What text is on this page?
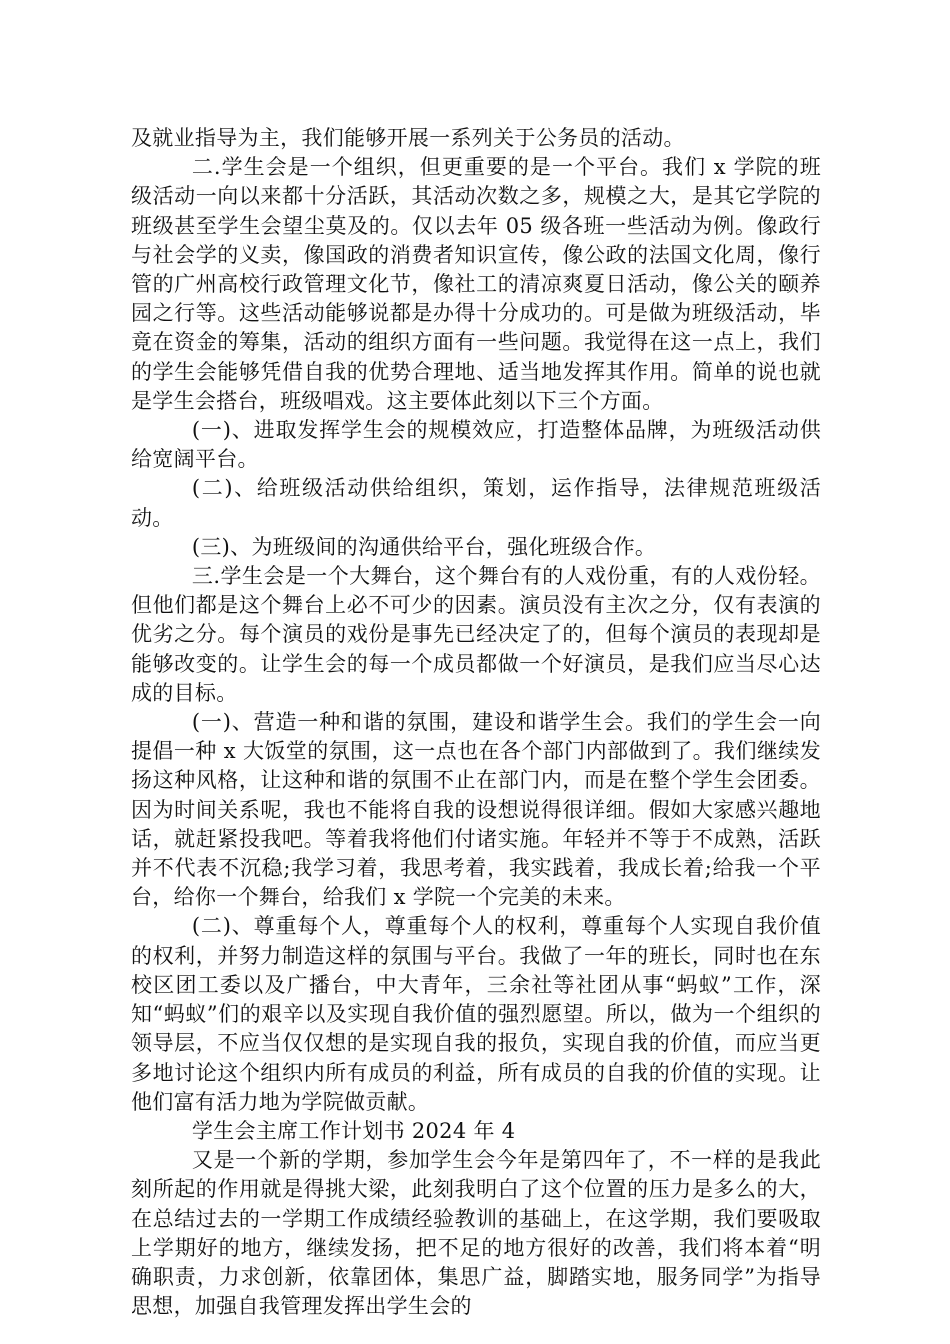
及就业指导为主，我们能够开展一系列关于公务员的活动。

二.学生会是一个组织，但更重要的是一个平台。我们 x 学院的班级活动一向以来都十分活跃，其活动次数之多，规模之大，是其它学院的班级甚至学生会望尘莫及的。仅以去年 05 级各班一些活动为例。像政行与社会学的义卖，像国政的消费者知识宣传，像公政的法国文化周，像行管的广州高校行政管理文化节，像社工的清凉爽夏日活动，像公关的颐养园之行等。这些活动能够说都是办得十分成功的。可是做为班级活动，毕竟在资金的筹集，活动的组织方面有一些问题。我觉得在这一点上，我们的学生会能够凭借自我的优势合理地、适当地发挥其作用。简单的说也就是学生会搭台，班级唱戏。这主要体此刻以下三个方面。

(一)、进取发挥学生会的规模效应，打造整体品牌，为班级活动供给宽阔平台。

(二)、给班级活动供给组织，策划，运作指导，法律规范班级活动。

(三)、为班级间的沟通供给平台，强化班级合作。

三.学生会是一个大舞台，这个舞台有的人戏份重，有的人戏份轻。但他们都是这个舞台上必不可少的因素。演员没有主次之分，仅有表演的优劣之分。每个演员的戏份是事先已经决定了的，但每个演员的表现却是能够改变的。让学生会的每一个成员都做一个好演员，是我们应当尽心达成的目标。

(一)、营造一种和谐的氛围，建设和谐学生会。我们的学生会一向提倡一种 x 大饭堂的氛围，这一点也在各个部门内部做到了。我们继续发扬这种风格，让这种和谐的氛围不止在部门内，而是在整个学生会团委。因为时间关系呢，我也不能将自我的设想说得很详细。假如大家感兴趣地话，就赶紧投我吧。等着我将他们付诸实施。年轻并不等于不成熟，活跃并不代表不沉稳;我学习着，我思考着，我实践着，我成长着;给我一个平台，给你一个舞台，给我们 x 学院一个完美的未来。

(二)、尊重每个人，尊重每个人的权利，尊重每个人实现自我价值的权利，并努力制造这样的氛围与平台。我做了一年的班长，同时也在东校区团工委以及广播台，中大青年，三余社等社团从事“蚂蚁”工作，深知“蚂蚁”们的艰辛以及实现自我价值的强烈愿望。所以，做为一个组织的领导层，不应当仅仅想的是实现自我的报负，实现自我的价值，而应当更多地讨论这个组织内所有成员的利益，所有成员的自我的价值的实现。让他们富有活力地为学院做贡献。

学生会主席工作计划书 2024 年 4

又是一个新的学期，参加学生会今年是第四年了，不一样的是我此刻所起的作用就是得挑大梁，此刻我明白了这个位置的压力是多么的大，在总结过去的一学期工作成绩经验教训的基础上，在这学期，我们要吸取上学期好的地方，继续发扬，把不足的地方很好的改善，我们将本着“明确职责，力求创新，依靠团体，集思广益，脚踏实地，服务同学”为指导思想，加强自我管理发挥出学生会的
